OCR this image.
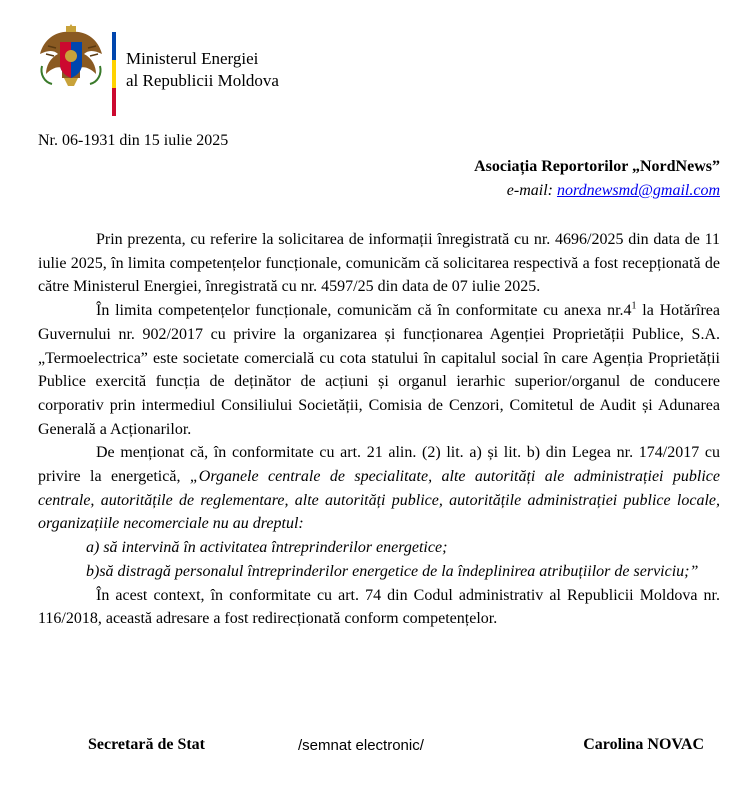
Ministerul Energiei
al Republicii Moldova
Nr. 06-1931 din 15 iulie 2025
Asociația Reportorilor „NordNews”
e-mail: nordnewsmd@gmail.com

Prin prezenta, cu referire la solicitarea de informații înregistrată cu nr. 4696/2025 din data de 11 iulie 2025, în limita competențelor funcționale, comunicăm că solicitarea respectivă a fost recepționată de către Ministerul Energiei, înregistrată cu nr. 4597/25 din data de 07 iulie 2025.

În limita competențelor funcționale, comunicăm că în conformitate cu anexa $nr.4^1$ la Hotărîrea Guvernului nr. 902/2017 cu privire la organizarea și funcționarea Agenției Proprietății Publice, S.A. „Termoelectrica” este societate comercială cu cota statului în capitalul social în care Agenția Proprietății Publice exercită funcția de deținător de acțiuni și organul ierarhic superior/organul de conducere corporativ prin intermediul Consiliului Societății, Comisia de Cenzori, Comitetul de Audit și Adunarea Generală a Acționarilor.

De menționat că, în conformitate cu art. 21 alin. (2) lit. a) și lit. b) din Legea nr. 174/2017 cu privire la energetică, „Organele centrale de specialitate, alte autorități ale administrației publice centrale, autoritățile de reglementare, alte autorități publice, autoritățile administrației publice locale, organizațiile necomerciale nu au dreptul:

a) să intervină în activitatea întreprinderilor energetice;

b)să distragă personalul întreprinderilor energetice de la îndeplinirea atribuțiilor de serviciu;”

În acest context, în conformitate cu art. 74 din Codul administrativ al Republicii Moldova nr. 116/2018, această adresare a fost redirecționată conform competențelor.

Secretară de Stat	/semnat electronic/	Carolina NOVAC
